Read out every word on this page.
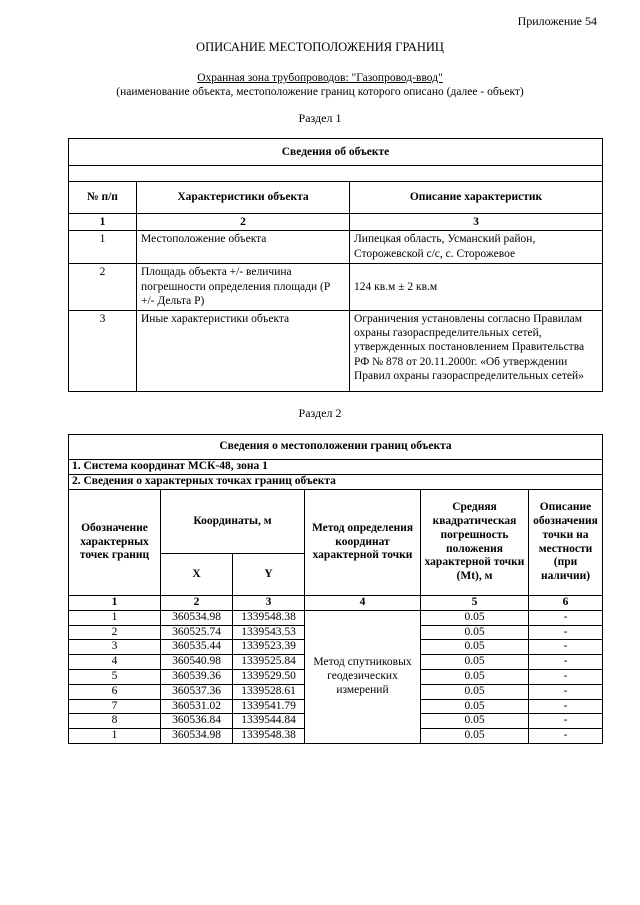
Приложение 54
ОПИСАНИЕ МЕСТОПОЛОЖЕНИЯ ГРАНИЦ
Охранная зона трубопроводов: "Газопровод-ввод"
(наименование объекта, местоположение границ которого описано (далее - объект)
Раздел 1
Сведения об объекте		

№ п/п	Характеристики объекта	Описание характеристик
1	2	3
1	Местоположение объекта	Липецкая область, Усманский район, Сторожевской с/с, с. Сторожевое
2	Площадь объекта +/- величина погрешности определения площади (Р +/- Дельта Р)	124 кв.м ± 2 кв.м
3	Иные характеристики объекта	Ограничения установлены согласно Правилам охраны газораспределительных сетей, утвержденных постановлением Правительства РФ № 878 от 20.11.2000г. «Об утверждении Правил охраны газораспределительных сетей»
Раздел 2
Сведения о местоположении границ объекта					
1. Система координат МСК-48, зона 1					
2. Сведения о характерных точках границ объекта					
Обозначение характерных точек границ	Координаты, м		Метод определения координат характерной точки	Средняя квадратическая погрешность положения характерной точки (Mt), м	Описание обозначения точки на местности (при наличии)
	X	Y			
1	2	3	4	5	6
1	360534.98	1339548.38	Метод спутниковых геодезических измерений	0.05	-
2	360525.74	1339543.53		0.05	-
3	360535.44	1339523.39		0.05	-
4	360540.98	1339525.84		0.05	-
5	360539.36	1339529.50		0.05	-
6	360537.36	1339528.61		0.05	-
7	360531.02	1339541.79		0.05	-
8	360536.84	1339544.84		0.05	-
1	360534.98	1339548.38		0.05	-
